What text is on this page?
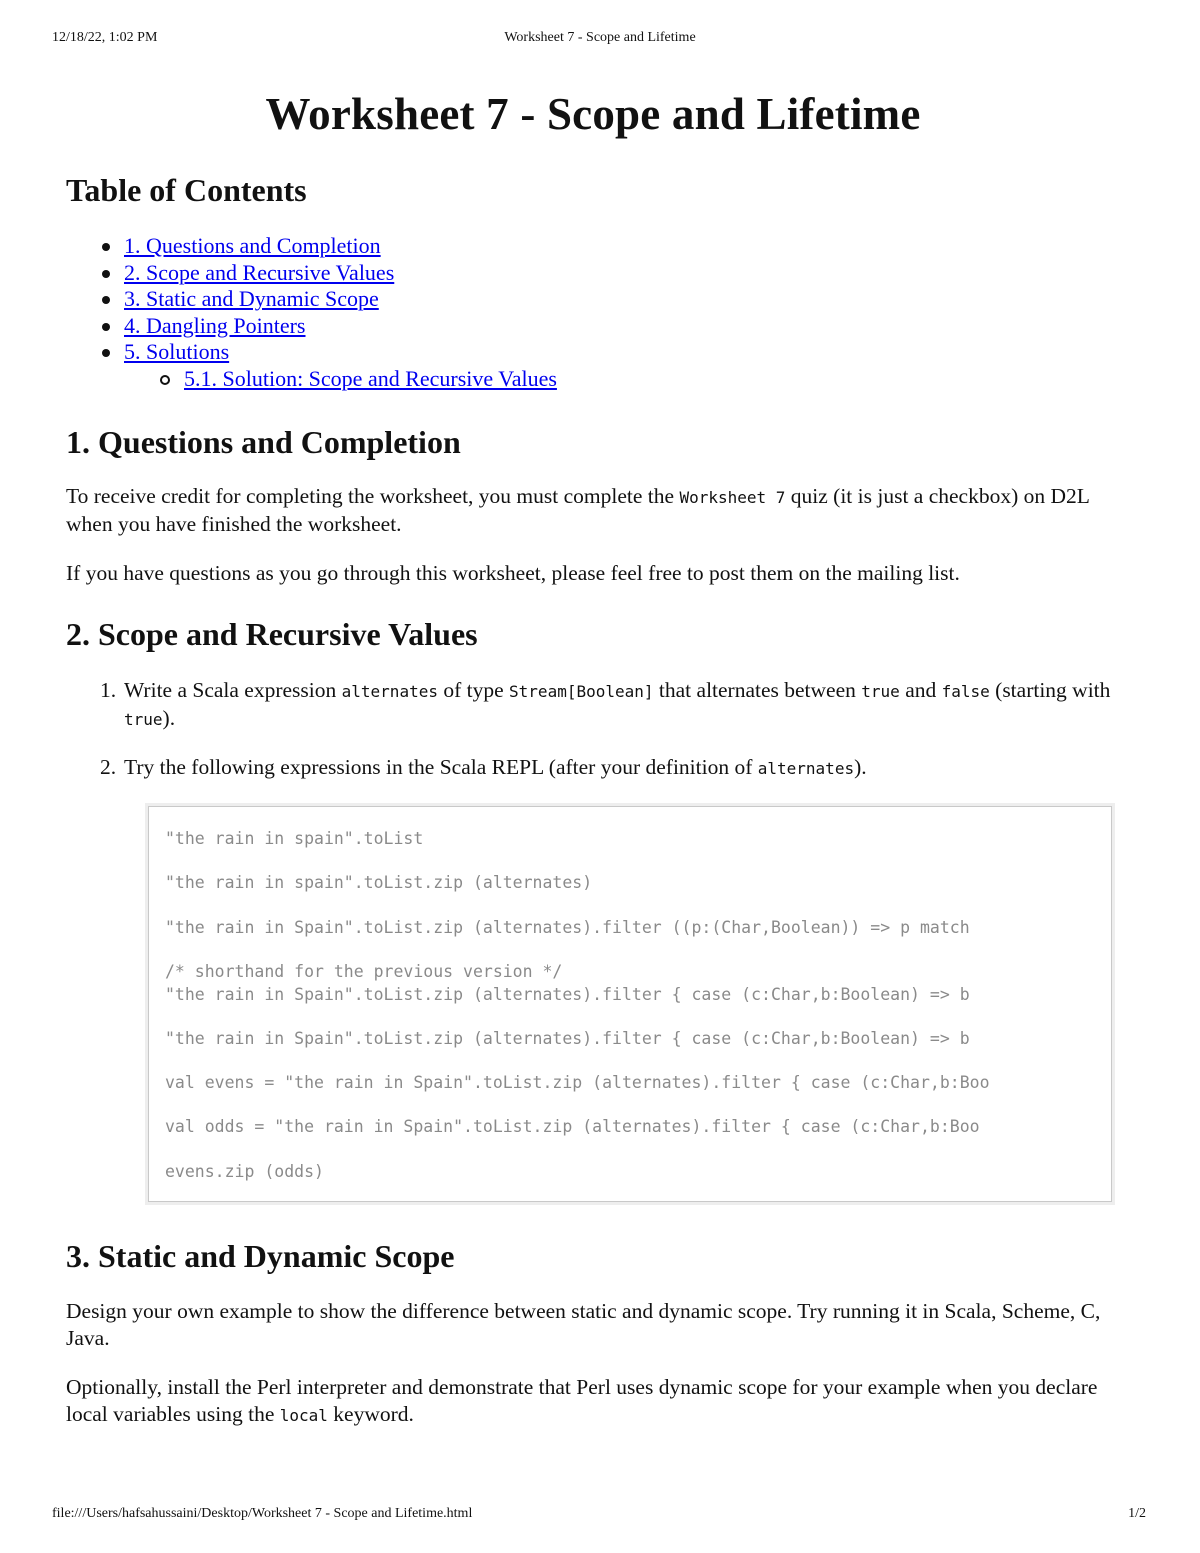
12/18/22, 1:02 PM	Worksheet 7 - Scope and Lifetime
Worksheet 7 - Scope and Lifetime
Table of Contents
1. Questions and Completion
2. Scope and Recursive Values
3. Static and Dynamic Scope
4. Dangling Pointers
5. Solutions
5.1. Solution: Scope and Recursive Values
1. Questions and Completion

To receive credit for completing the worksheet, you must complete the Worksheet 7 quiz (it is just a checkbox) on D2L when you have finished the worksheet.

If you have questions as you go through this worksheet, please feel free to post them on the mailing list.

2. Scope and Recursive Values
1. Write a Scala expression alternates of type Stream[Boolean] that alternates between true and false (starting with true).
2. Try the following expressions in the Scala REPL (after your definition of alternates).
"the rain in spain".toList
"the rain in spain".toList.zip (alternates)
"the rain in Spain".toList.zip (alternates).filter ((p:(Char,Boolean)) => p match
/* shorthand for the previous version */
"the rain in Spain".toList.zip (alternates).filter { case (c:Char,b:Boolean) => b
"the rain in Spain".toList.zip (alternates).filter { case (c:Char,b:Boolean) => b
val evens = "the rain in Spain".toList.zip (alternates).filter { case (c:Char,b:Boo
val odds = "the rain in Spain".toList.zip (alternates).filter { case (c:Char,b:Boo
evens.zip (odds)
3. Static and Dynamic Scope

Design your own example to show the difference between static and dynamic scope. Try running it in Scala, Scheme, C, Java.

Optionally, install the Perl interpreter and demonstrate that Perl uses dynamic scope for your example when you declare local variables using the local keyword.

file:///Users/hafsahussaini/Desktop/Worksheet 7 - Scope and Lifetime.html	1/2
